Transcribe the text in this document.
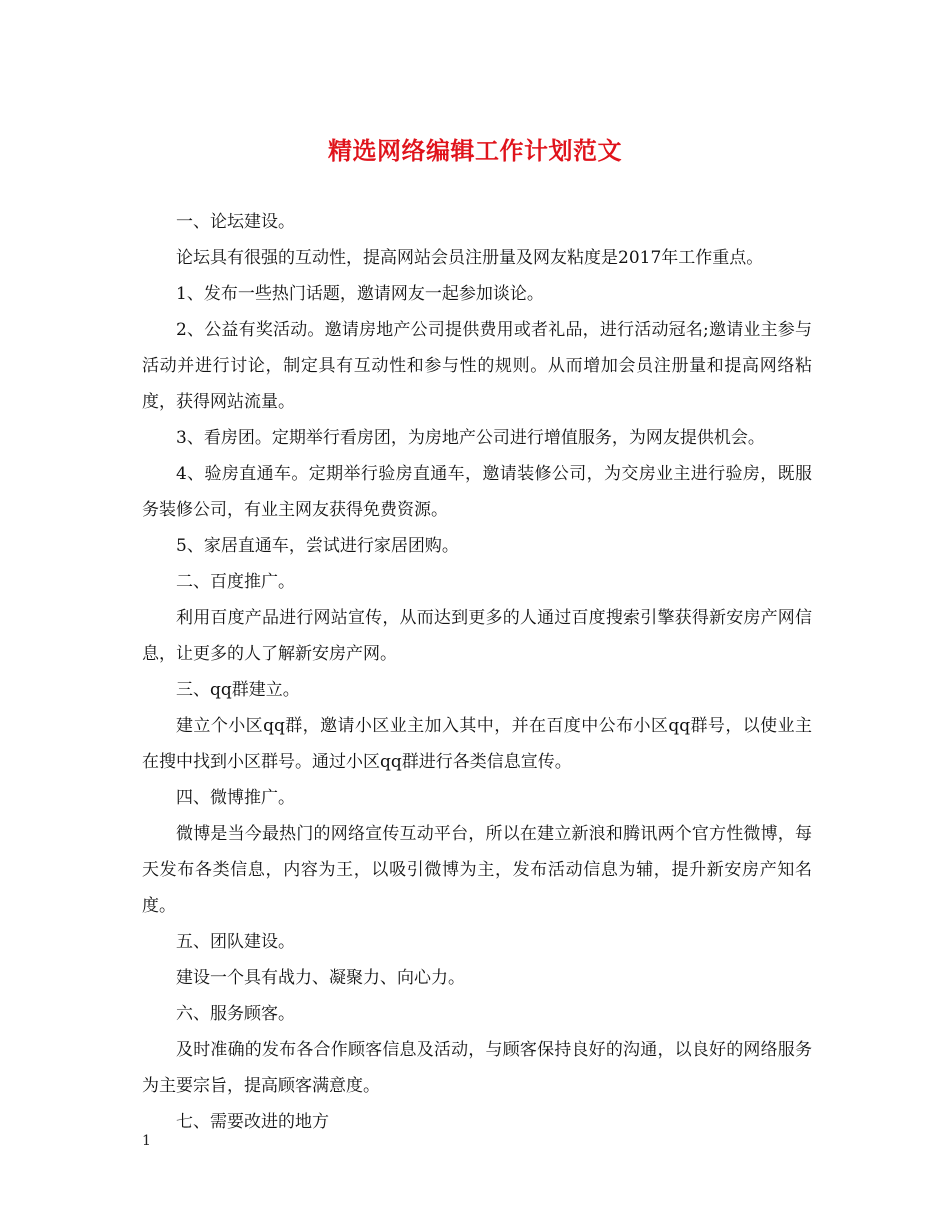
精选网络编辑工作计划范文

一、论坛建设。

论坛具有很强的互动性，提高网站会员注册量及网友粘度是2017年工作重点。

1、发布一些热门话题，邀请网友一起参加谈论。

2、公益有奖活动。邀请房地产公司提供费用或者礼品，进行活动冠名;邀请业主参与活动并进行讨论，制定具有互动性和参与性的规则。从而增加会员注册量和提高网络粘度，获得网站流量。

3、看房团。定期举行看房团，为房地产公司进行增值服务，为网友提供机会。

4、验房直通车。定期举行验房直通车，邀请装修公司，为交房业主进行验房，既服务装修公司，有业主网友获得免费资源。

5、家居直通车，尝试进行家居团购。

二、百度推广。

利用百度产品进行网站宣传，从而达到更多的人通过百度搜索引擎获得新安房产网信息，让更多的人了解新安房产网。

三、qq群建立。

建立个小区qq群，邀请小区业主加入其中，并在百度中公布小区qq群号，以使业主在搜中找到小区群号。通过小区qq群进行各类信息宣传。

四、微博推广。

微博是当今最热门的网络宣传互动平台，所以在建立新浪和腾讯两个官方性微博，每天发布各类信息，内容为王，以吸引微博为主，发布活动信息为辅，提升新安房产知名度。

五、团队建设。

建设一个具有战力、凝聚力、向心力。

六、服务顾客。

及时准确的发布各合作顾客信息及活动，与顾客保持良好的沟通，以良好的网络服务为主要宗旨，提高顾客满意度。

七、需要改进的地方

1
